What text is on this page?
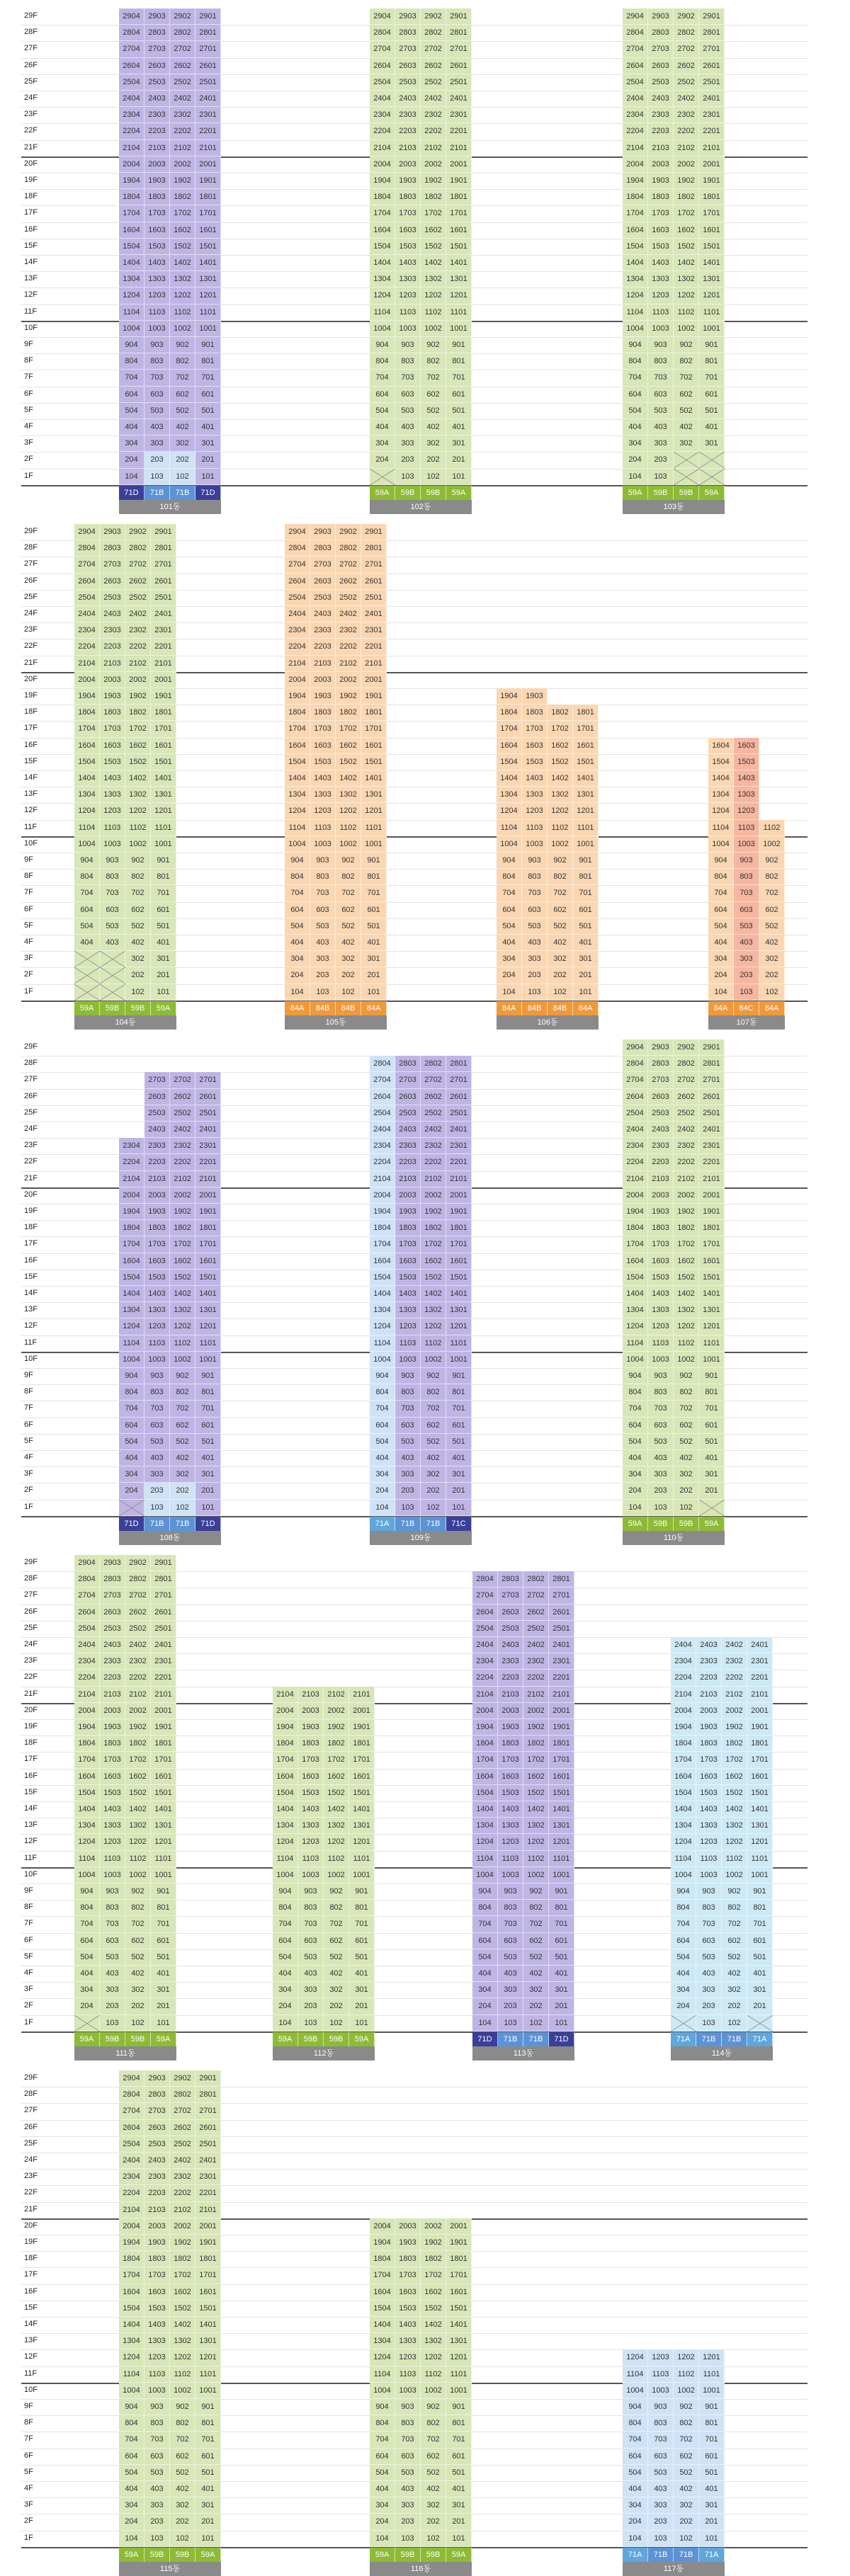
29F
28F
27F
26F
25F
24F
23F
22F
21F
20F
19F
18F
17F
16F
15F
14F
13F
12F
11F
10F
9F
8F
7F
6F
5F
4F
3F
2F
1F	104
204
304
404
504
604
704
804
904
1004
1104
1204
1304
1404
1504
1604
1704
1804
1904
2004
2104
2204
2304
2404
2504
2604
2704
2804
2904
71D
103
203
303
403
503
603
703
803
903
1003
1103
1203
1303
1403
1503
1603
1703
1803
1903
2003
2103
2203
2303
2403
2503
2603
2703
2803
2903
71B
102
202
302
402
502
602
702
802
902
1002
1102
1202
1302
1402
1502
1602
1702
1802
1902
2002
2102
2202
2302
2402
2502
2602
2702
2802
2902
71B
101
201
301
401
501
601
701
801
901
1001
1101
1201
1301
1401
1501
1601
1701
1801
1901
2001
2101
2201
2301
2401
2501
2601
2701
2801
2901
71D
101동
204
304
404
504
604
704
804
904
1004
1104
1204
1304
1404
1504
1604
1704
1804
1904
2004
2104
2204
2304
2404
2504
2604
2704
2804
2904
59A
103
203
303
403
503
603
703
803
903
1003
1103
1203
1303
1403
1503
1603
1703
1803
1903
2003
2103
2203
2303
2403
2503
2603
2703
2803
2903
59B
102
202
302
402
502
602
702
802
902
1002
1102
1202
1302
1402
1502
1602
1702
1802
1902
2002
2102
2202
2302
2402
2502
2602
2702
2802
2902
59B
101
201
301
401
501
601
701
801
901
1001
1101
1201
1301
1401
1501
1601
1701
1801
1901
2001
2101
2201
2301
2401
2501
2601
2701
2801
2901
59A
102동
104
204
304
404
504
604
704
804
904
1004
1104
1204
1304
1404
1504
1604
1704
1804
1904
2004
2104
2204
2304
2404
2504
2604
2704
2804
2904
59A
103
203
303
403
503
603
703
803
903
1003
1103
1203
1303
1403
1503
1603
1703
1803
1903
2003
2103
2203
2303
2403
2503
2603
2703
2803
2903
59B
302
402
502
602
702
802
902
1002
1102
1202
1302
1402
1502
1602
1702
1802
1902
2002
2102
2202
2302
2402
2502
2602
2702
2802
2902
59B
301
401
501
601
701
801
901
1001
1101
1201
1301
1401
1501
1601
1701
1801
1901
2001
2101
2201
2301
2401
2501
2601
2701
2801
2901
59A
103동
29F
28F
27F
26F
25F
24F
23F
22F
21F
20F
19F
18F
17F
16F
15F
14F
13F
12F
11F
10F
9F
8F
7F
6F
5F
4F
3F
2F
1F
404
504
604
704
804
904
1004
1104
1204
1304
1404
1504
1604
1704
1804
1904
2004
2104
2204
2304
2404
2504
2604
2704
2804
2904
59A
403
503
603
703
803
903
1003
1103
1203
1303
1403
1503
1603
1703
1803
1903
2003
2103
2203
2303
2403
2503
2603
2703
2803
2903
59B
102
202
302
402
502
602
702
802
902
1002
1102
1202
1302
1402
1502
1602
1702
1802
1902
2002
2102
2202
2302
2402
2502
2602
2702
2802
2902
59B
101
201
301
401
501
601
701
801
901
1001
1101
1201
1301
1401
1501
1601
1701
1801
1901
2001
2101
2201
2301
2401
2501
2601
2701
2801
2901
59A
104동
104
204
304
404
504
604
704
804
904
1004
1104
1204
1304
1404
1504
1604
1704
1804
1904
2004
2104
2204
2304
2404
2504
2604
2704
2804
2904
84A
103
203
303
403
503
603
703
803
903
1003
1103
1203
1303
1403
1503
1603
1703
1803
1903
2003
2103
2203
2303
2403
2503
2603
2703
2803
2903
84B
102
202
302
402
502
602
702
802
902
1002
1102
1202
1302
1402
1502
1602
1702
1802
1902
2002
2102
2202
2302
2402
2502
2602
2702
2802
2902
84B
101
201
301
401
501
601
701
801
901
1001
1101
1201
1301
1401
1501
1601
1701
1801
1901
2001
2101
2201
2301
2401
2501
2601
2701
2801
2901
84A
105동
104
204
304
404
504
604
704
804
904
1004
1104
1204
1304
1404
1504
1604
1704
1804
1904
84A
103
203
303
403
503
603
703
803
903
1003
1103
1203
1303
1403
1503
1603
1703
1803
1903
84B
102
202
302
402
502
602
702
802
902
1002
1102
1202
1302
1402
1502
1602
1702
1802
84B
101
201
301
401
501
601
701
801
901
1001
1101
1201
1301
1401
1501
1601
1701
1801
84A
106동
104
204
304
404
504
604
704
804
904
1004
1104
1204
1304
1404
1504
1604
84A
103
203
303
403
503
603
703
803
903
1003
1103
1203
1303
1403
1503
1603
84C
102
202
302
402
502
602
702
802
902
1002
1102
84A
107동
29F
28F
27F
26F
25F
24F
23F
22F
21F
20F
19F
18F
17F
16F
15F
14F
13F
12F
11F
10F
9F
8F
7F
6F
5F
4F
3F
2F
1F
204
304
404
504
604
704
804
904
1004
1104
1204
1304
1404
1504
1604
1704
1804
1904
2004
2104
2204
2304
71D
103
203
303
403
503
603
703
803
903
1003
1103
1203
1303
1403
1503
1603
1703
1803
1903
2003
2103
2203
2303
2403
2503
2603
2703
71B
102
202
302
402
502
602
702
802
902
1002
1102
1202
1302
1402
1502
1602
1702
1802
1902
2002
2102
2202
2302
2402
2502
2602
2702
71B
101
201
301
401
501
601
701
801
901
1001
1101
1201
1301
1401
1501
1601
1701
1801
1901
2001
2101
2201
2301
2401
2501
2601
2701
71D
108동
104
204
304
404
504
604
704
804
904
1004
1104
1204
1304
1404
1504
1604
1704
1804
1904
2004
2104
2204
2304
2404
2504
2604
2704
2804
71A
103
203
303
403
503
603
703
803
903
1003
1103
1203
1303
1403
1503
1603
1703
1803
1903
2003
2103
2203
2303
2403
2503
2603
2703
2803
71B
102
202
302
402
502
602
702
802
902
1002
1102
1202
1302
1402
1502
1602
1702
1802
1902
2002
2102
2202
2302
2402
2502
2602
2702
2802
71B
101
201
301
401
501
601
701
801
901
1001
1101
1201
1301
1401
1501
1601
1701
1801
1901
2001
2101
2201
2301
2401
2501
2601
2701
2801
71C
109동
104
204
304
404
504
604
704
804
904
1004
1104
1204
1304
1404
1504
1604
1704
1804
1904
2004
2104
2204
2304
2404
2504
2604
2704
2804
2904
59A
103
203
303
403
503
603
703
803
903
1003
1103
1203
1303
1403
1503
1603
1703
1803
1903
2003
2103
2203
2303
2403
2503
2603
2703
2803
2903
59B
102
202
302
402
502
602
702
802
902
1002
1102
1202
1302
1402
1502
1602
1702
1802
1902
2002
2102
2202
2302
2402
2502
2602
2702
2802
2902
59B
201
301
401
501
601
701
801
901
1001
1101
1201
1301
1401
1501
1601
1701
1801
1901
2001
2101
2201
2301
2401
2501
2601
2701
2801
2901
59A
110동
29F
28F
27F
26F
25F
24F
23F
22F
21F
20F
19F
18F
17F
16F
15F
14F
13F
12F
11F
10F
9F
8F
7F
6F
5F
4F
3F
2F
1F
204
304
404
504
604
704
804
904
1004
1104
1204
1304
1404
1504
1604
1704
1804
1904
2004
2104
2204
2304
2404
2504
2604
2704
2804
2904
59A
103
203
303
403
503
603
703
803
903
1003
1103
1203
1303
1403
1503
1603
1703
1803
1903
2003
2103
2203
2303
2403
2503
2603
2703
2803
2903
59B
102
202
302
402
502
602
702
802
902
1002
1102
1202
1302
1402
1502
1602
1702
1802
1902
2002
2102
2202
2302
2402
2502
2602
2702
2802
2902
59B
101
201
301
401
501
601
701
801
901
1001
1101
1201
1301
1401
1501
1601
1701
1801
1901
2001
2101
2201
2301
2401
2501
2601
2701
2801
2901
59A
111동
104
204
304
404
504
604
704
804
904
1004
1104
1204
1304
1404
1504
1604
1704
1804
1904
2004
2104
59A
103
203
303
403
503
603
703
803
903
1003
1103
1203
1303
1403
1503
1603
1703
1803
1903
2003
2103
59B
102
202
302
402
502
602
702
802
902
1002
1102
1202
1302
1402
1502
1602
1702
1802
1902
2002
2102
59B
101
201
301
401
501
601
701
801
901
1001
1101
1201
1301
1401
1501
1601
1701
1801
1901
2001
2101
59A
112동
104
204
304
404
504
604
704
804
904
1004
1104
1204
1304
1404
1504
1604
1704
1804
1904
2004
2104
2204
2304
2404
2504
2604
2704
2804
71D
103
203
303
403
503
603
703
803
903
1003
1103
1203
1303
1403
1503
1603
1703
1803
1903
2003
2103
2203
2303
2403
2503
2603
2703
2803
71B
102
202
302
402
502
602
702
802
902
1002
1102
1202
1302
1402
1502
1602
1702
1802
1902
2002
2102
2202
2302
2402
2502
2602
2702
2802
71B
101
201
301
401
501
601
701
801
901
1001
1101
1201
1301
1401
1501
1601
1701
1801
1901
2001
2101
2201
2301
2401
2501
2601
2701
2801
71D
113동
204
304
404
504
604
704
804
904
1004
1104
1204
1304
1404
1504
1604
1704
1804
1904
2004
2104
2204
2304
2404
71A
103
203
303
403
503
603
703
803
903
1003
1103
1203
1303
1403
1503
1603
1703
1803
1903
2003
2103
2203
2303
2403
71B
102
202
302
402
502
602
702
802
902
1002
1102
1202
1302
1402
1502
1602
1702
1802
1902
2002
2102
2202
2302
2402
71B
201
301
401
501
601
701
801
901
1001
1101
1201
1301
1401
1501
1601
1701
1801
1901
2001
2101
2201
2301
2401
71A
114동
29F
28F
27F
26F
25F
24F
23F
22F
21F
20F
19F
18F
17F
16F
15F
14F
13F
12F
11F
10F
9F
8F
7F
6F
5F
4F
3F
2F
1F	104
204
304
404
504
604
704
804
904
1004
1104
1204
1304
1404
1504
1604
1704
1804
1904
2004
2104
2204
2304
2404
2504
2604
2704
2804
2904
59A
103
203
303
403
503
603
703
803
903
1003
1103
1203
1303
1403
1503
1603
1703
1803
1903
2003
2103
2203
2303
2403
2503
2603
2703
2803
2903
59B
102
202
302
402
502
602
702
802
902
1002
1102
1202
1302
1402
1502
1602
1702
1802
1902
2002
2102
2202
2302
2402
2502
2602
2702
2802
2902
59B
101
201
301
401
501
601
701
801
901
1001
1101
1201
1301
1401
1501
1601
1701
1801
1901
2001
2101
2201
2301
2401
2501
2601
2701
2801
2901
59A
115동
104
204
304
404
504
604
704
804
904
1004
1104
1204
1304
1404
1504
1604
1704
1804
1904
2004
59A
103
203
303
403
503
603
703
803
903
1003
1103
1203
1303
1403
1503
1603
1703
1803
1903
2003
59B
102
202
302
402
502
602
702
802
902
1002
1102
1202
1302
1402
1502
1602
1702
1802
1902
2002
59B
101
201
301
401
501
601
701
801
901
1001
1101
1201
1301
1401
1501
1601
1701
1801
1901
2001
59A
116동
104
204
304
404
504
604
704
804
904
1004
1104
1204
71A
103
203
303
403
503
603
703
803
903
1003
1103
1203
71B
102
202
302
402
502
602
702
802
902
1002
1102
1202
71B
101
201
301
401
501
601
701
801
901
1001
1101
1201
71A
117동
